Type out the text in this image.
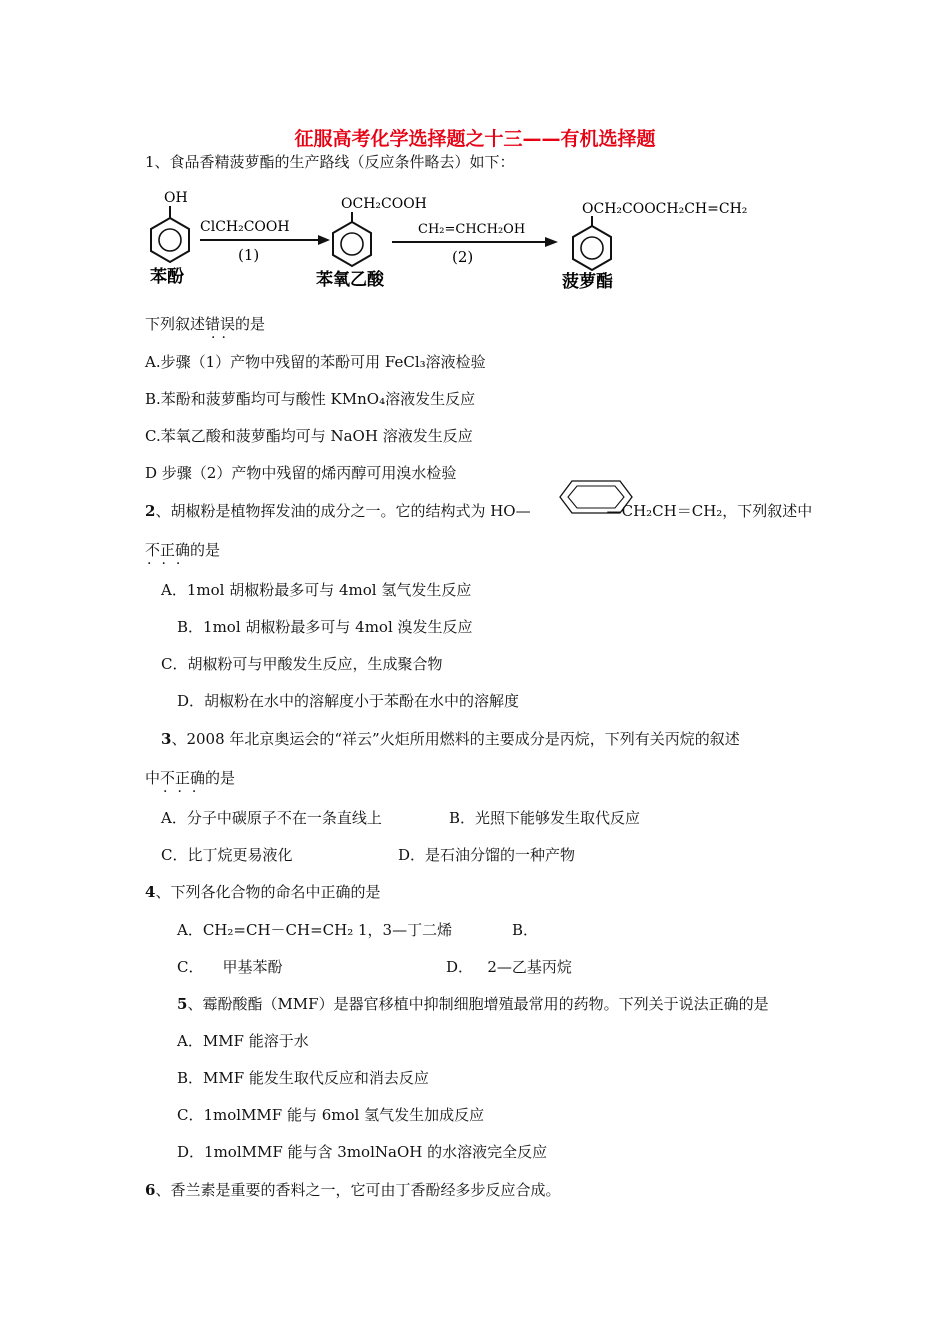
征服高考化学选择题之十三——有机选择题
1、食品香精菠萝酯的生产路线（反应条件略去）如下：
OH
苯酚
ClCH₂COOH
(1)
OCH₂COOH
苯氧乙酸
CH₂=CHCH₂OH
(2)
OCH₂COOCH₂CH=CH₂
菠萝酯
下列叙述错误的是
··
A.步骤（1）产物中残留的苯酚可用 FeCl₃溶液检验
B.苯酚和菠萝酯均可与酸性 KMnO₄溶液发生反应
C.苯氧乙酸和菠萝酯均可与 NaOH 溶液发生反应
D 步骤（2）产物中残留的烯丙醇可用溴水检验
2、胡椒粉是植物挥发油的成分之一。它的结构式为 HO—	—CH₂CH＝CH₂，下列叙述中
不正确的是
···
A．1mol 胡椒粉最多可与 4mol 氢气发生反应
B．1mol 胡椒粉最多可与 4mol 溴发生反应
C．胡椒粉可与甲酸发生反应，生成聚合物
D．胡椒粉在水中的溶解度小于苯酚在水中的溶解度
3、2008 年北京奥运会的“祥云”火炬所用燃料的主要成分是丙烷，下列有关丙烷的叙述
中不正确的是
···
A．分子中碳原子不在一条直线上	B．光照下能够发生取代反应
C．比丁烷更易液化	D．是石油分馏的一种产物
4、下列各化合物的命名中正确的是
A．CH₂=CH－CH=CH₂ 1，3—丁二烯	B．
C．    甲基苯酚	D．   2—乙基丙烷
5、霉酚酸酯（MMF）是器官移植中抑制细胞增殖最常用的药物。下列关于说法正确的是
A．MMF 能溶于水
B．MMF 能发生取代反应和消去反应
C．1molMMF 能与 6mol 氢气发生加成反应
D．1molMMF 能与含 3molNaOH 的水溶液完全反应
6、香兰素是重要的香料之一，它可由丁香酚经多步反应合成。
